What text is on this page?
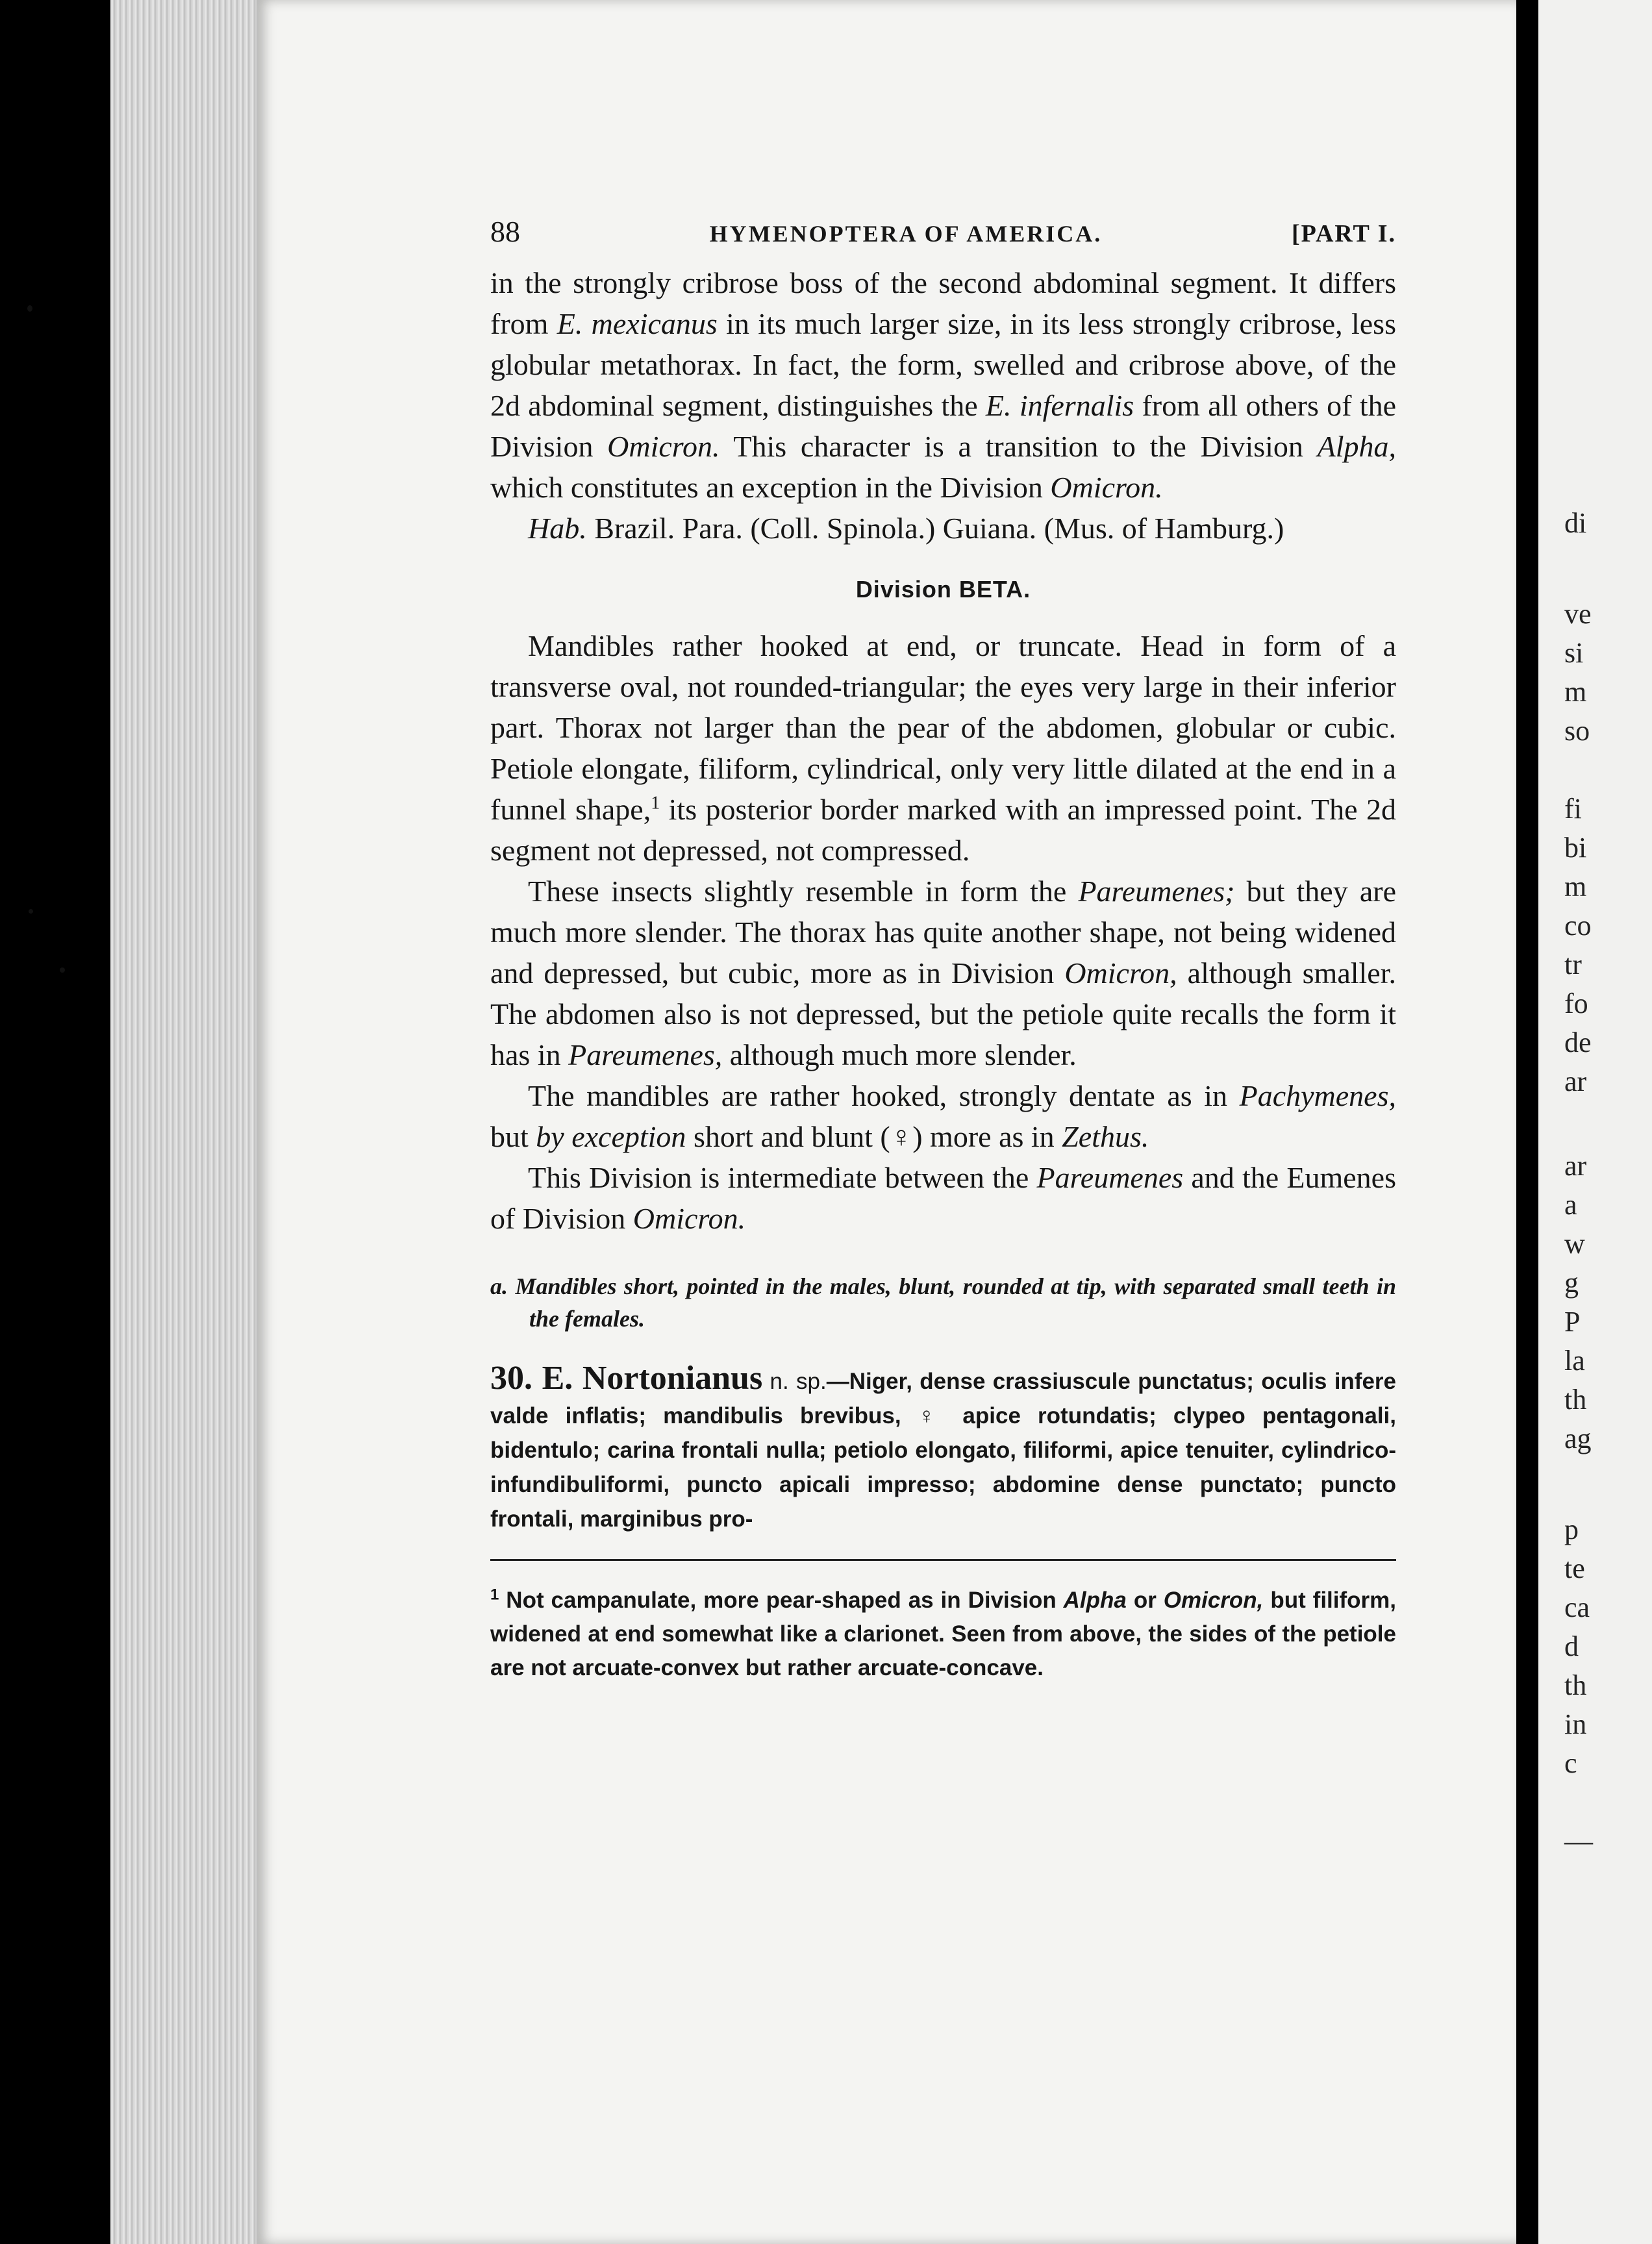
di
ve
si
m
so
fi
bi
m
co
tr
fo
de
ar
ar
a
w
g
P
la
th
ag
p
te
ca
d
th
in
c
—
88	HYMENOPTERA OF AMERICA.	[PART I.

in the strongly cribrose boss of the second abdominal segment. It differs from E. mexicanus in its much larger size, in its less strongly cribrose, less globular metathorax. In fact, the form, swelled and cribrose above, of the 2d abdominal segment, distinguishes the E. infernalis from all others of the Division Omicron. This character is a transition to the Division Alpha, which constitutes an exception in the Division Omicron.

Hab. Brazil. Para. (Coll. Spinola.) Guiana. (Mus. of Hamburg.)

Division BETA.

Mandibles rather hooked at end, or truncate. Head in form of a transverse oval, not rounded-triangular; the eyes very large in their inferior part. Thorax not larger than the pear of the abdomen, globular or cubic. Petiole elongate, filiform, cylindrical, only very little dilated at the end in a funnel shape,$^1$ its posterior border marked with an impressed point. The 2d segment not depressed, not compressed.

These insects slightly resemble in form the Pareumenes; but they are much more slender. The thorax has quite another shape, not being widened and depressed, but cubic, more as in Division Omicron, although smaller. The abdomen also is not depressed, but the petiole quite recalls the form it has in Pareumenes, although much more slender.

The mandibles are rather hooked, strongly dentate as in Pachymenes, but by exception short and blunt (♀) more as in Zethus.

This Division is intermediate between the Pareumenes and the Eumenes of Division Omicron.

a. Mandibles short, pointed in the males, blunt, rounded at tip, with separated small teeth in the females.

30. E. Nortonianus n. sp.—Niger, dense crassiuscule punctatus; oculis infere valde inflatis; mandibulis brevibus, ♀ apice rotundatis; clypeo pentagonali, bidentulo; carina frontali nulla; petiolo elongato, filiformi, apice tenuiter, cylindrico-infundibuliformi, puncto apicali impresso; abdomine dense punctato; puncto frontali, marginibus pro-

$^1$ Not campanulate, more pear-shaped as in Division Alpha or Omicron, but filiform, widened at end somewhat like a clarionet. Seen from above, the sides of the petiole are not arcuate-convex but rather arcuate-concave.
